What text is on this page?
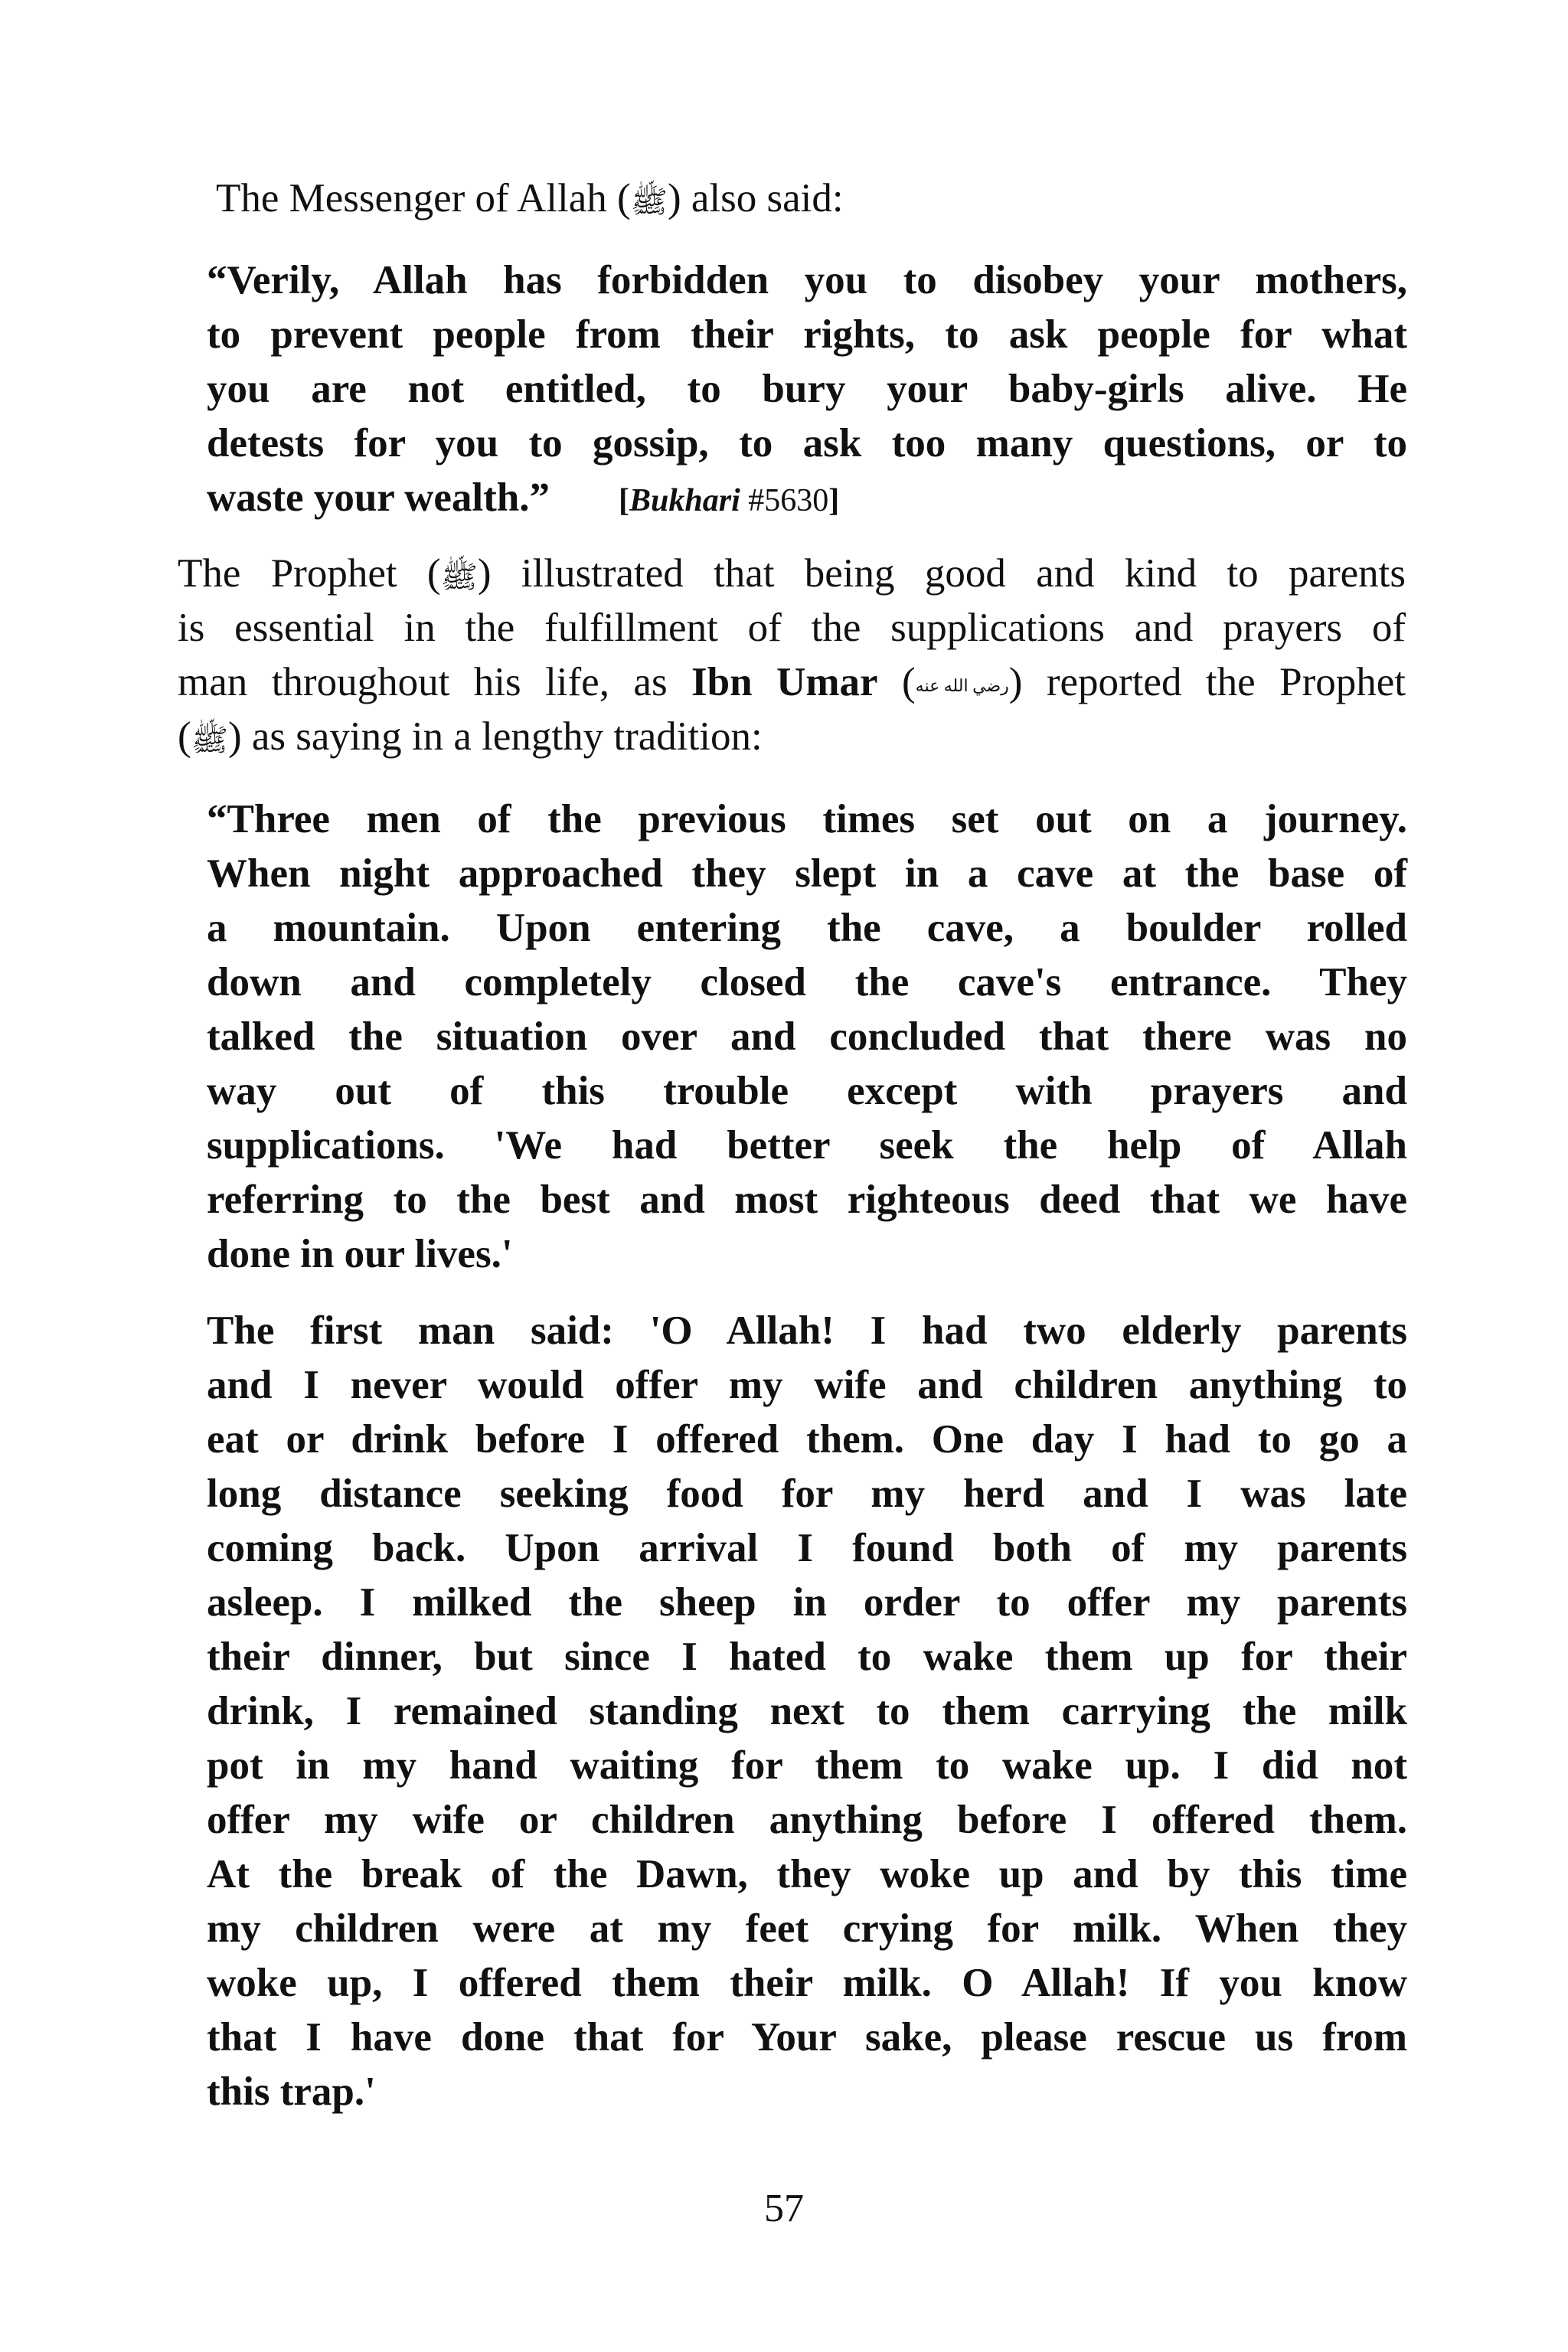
The Messenger of Allah (ﷺ) also said:
“Verily, Allah has forbidden you to disobey your mothers,
to prevent people from their rights, to ask people for what
you are not entitled, to bury your baby-girls alive. He
detests for you to gossip, to ask too many questions, or to
waste your wealth.” [Bukhari #5630]
The Prophet (ﷺ) illustrated that being good and kind to parents
is essential in the fulfillment of the supplications and prayers of
man throughout his life, as Ibn Umar (رضي الله عنه) reported the Prophet
(ﷺ) as saying in a lengthy tradition:
“Three men of the previous times set out on a journey.
When night approached they slept in a cave at the base of
a mountain. Upon entering the cave, a boulder rolled
down and completely closed the cave's entrance. They
talked the situation over and concluded that there was no
way out of this trouble except with prayers and
supplications. 'We had better seek the help of Allah
referring to the best and most righteous deed that we have
done in our lives.'
The first man said: 'O Allah! I had two elderly parents
and I never would offer my wife and children anything to
eat or drink before I offered them. One day I had to go a
long distance seeking food for my herd and I was late
coming back. Upon arrival I found both of my parents
asleep. I milked the sheep in order to offer my parents
their dinner, but since I hated to wake them up for their
drink, I remained standing next to them carrying the milk
pot in my hand waiting for them to wake up. I did not
offer my wife or children anything before I offered them.
At the break of the Dawn, they woke up and by this time
my children were at my feet crying for milk. When they
woke up, I offered them their milk. O Allah! If you know
that I have done that for Your sake, please rescue us from
this trap.'
57
